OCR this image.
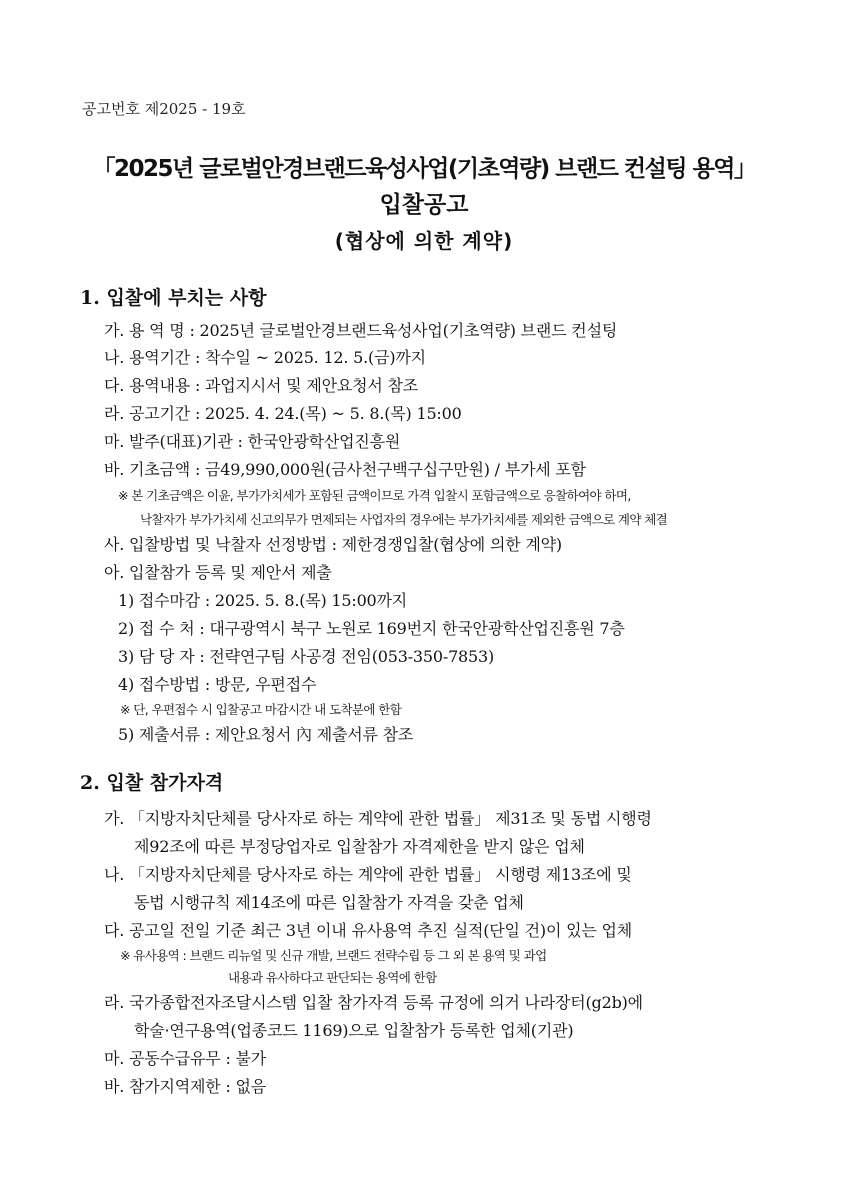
공고번호 제2025 - 19호
「2025년 글로벌안경브랜드육성사업(기초역량) 브랜드 컨설팅 용역」
입찰공고
(협상에 의한 계약)
1. 입찰에 부치는 사항
가. 용 역 명 : 2025년 글로벌안경브랜드육성사업(기초역량) 브랜드 컨설팅
나. 용역기간 : 착수일 ~ 2025. 12. 5.(금)까지
다. 용역내용 : 과업지시서 및 제안요청서 참조
라. 공고기간 : 2025. 4. 24.(목) ~ 5. 8.(목) 15:00
마. 발주(대표)기관 : 한국안광학산업진흥원
바. 기초금액 : 금49,990,000원(금사천구백구십구만원) / 부가세 포함
※ 본 기초금액은 이윤, 부가가치세가 포함된 금액이므로 가격 입찰시 포함금액으로 응찰하여야 하며,
낙찰자가 부가가치세 신고의무가 면제되는 사업자의 경우에는 부가가치세를 제외한 금액으로 계약 체결
사. 입찰방법 및 낙찰자 선정방법 : 제한경쟁입찰(협상에 의한 계약)
아. 입찰참가 등록 및 제안서 제출
1) 접수마감 : 2025. 5. 8.(목) 15:00까지
2) 접 수 처 : 대구광역시 북구 노원로 169번지 한국안광학산업진흥원 7층
3) 담 당 자 : 전략연구팀 사공경 전임(053-350-7853)
4) 접수방법 : 방문, 우편접수
※ 단, 우편접수 시 입찰공고 마감시간 내 도착분에 한함
5) 제출서류 : 제안요청서 內 제출서류 참조
2. 입찰 참가자격
가. 「지방자치단체를 당사자로 하는 계약에 관한 법률」 제31조 및 동법 시행령
제92조에 따른 부정당업자로 입찰참가 자격제한을 받지 않은 업체
나. 「지방자치단체를 당사자로 하는 계약에 관한 법률」 시행령 제13조에 및
동법 시행규칙 제14조에 따른 입찰참가 자격을 갖춘 업체
다. 공고일 전일 기준 최근 3년 이내 유사용역 추진 실적(단일 건)이 있는 업체
※ 유사용역 : 브랜드 리뉴얼 및 신규 개발, 브랜드 전략수립 등 그 외 본 용역 및 과업
내용과 유사하다고 판단되는 용역에 한함
라. 국가종합전자조달시스템 입찰 참가자격 등록 규정에 의거 나라장터(g2b)에
학술·연구용역(업종코드 1169)으로 입찰참가 등록한 업체(기관)
마. 공동수급유무 : 불가
바. 참가지역제한 : 없음
